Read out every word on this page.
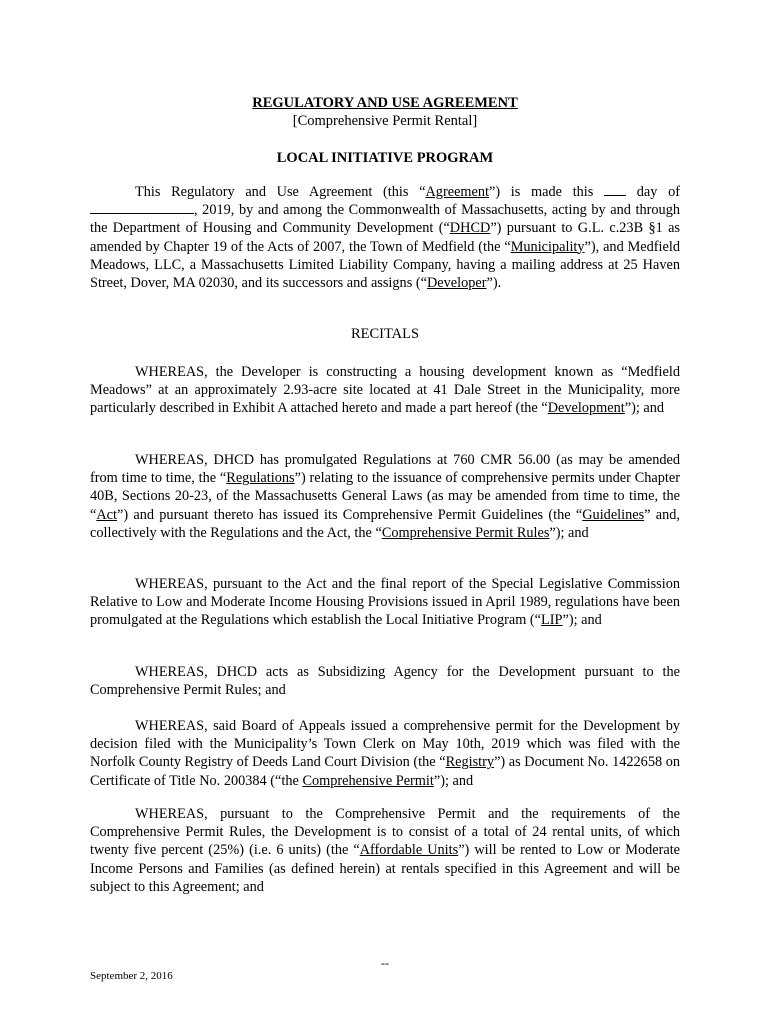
REGULATORY AND USE AGREEMENT
[Comprehensive Permit Rental]
LOCAL INITIATIVE PROGRAM

This Regulatory and Use Agreement (this “Agreement”) is made this  day of , 2019, by and among the Commonwealth of Massachusetts, acting by and through the Department of Housing and Community Development (“DHCD”) pursuant to G.L. c.23B §1 as amended by Chapter 19 of the Acts of 2007, the Town of Medfield (the “Municipality”), and Medfield Meadows, LLC, a Massachusetts Limited Liability Company, having a mailing address at 25 Haven Street, Dover, MA 02030, and its successors and assigns (“Developer”).

RECITALS

WHEREAS, the Developer is constructing a housing development known as “Medfield Meadows” at an approximately 2.93-acre site located at 41 Dale Street in the Municipality, more particularly described in Exhibit A attached hereto and made a part hereof (the “Development”); and

WHEREAS, DHCD has promulgated Regulations at 760 CMR 56.00 (as may be amended from time to time, the “Regulations”) relating to the issuance of comprehensive permits under Chapter 40B, Sections 20-23, of the Massachusetts General Laws (as may be amended from time to time, the “Act”) and pursuant thereto has issued its Comprehensive Permit Guidelines (the “Guidelines” and, collectively with the Regulations and the Act, the “Comprehensive Permit Rules”); and

WHEREAS, pursuant to the Act and the final report of the Special Legislative Commission Relative to Low and Moderate Income Housing Provisions issued in April 1989, regulations have been promulgated at the Regulations which establish the Local Initiative Program (“LIP”); and

WHEREAS, DHCD acts as Subsidizing Agency for the Development pursuant to the Comprehensive Permit Rules; and

WHEREAS, said Board of Appeals issued a comprehensive permit for the Development by decision filed with the Municipality’s Town Clerk on May 10th, 2019 which was filed with the Norfolk County Registry of Deeds Land Court Division (the “Registry”) as Document No. 1422658 on Certificate of Title No. 200384 (“the Comprehensive Permit”); and

WHEREAS, pursuant to the Comprehensive Permit and the requirements of the Comprehensive Permit Rules, the Development is to consist of a total of 24 rental units, of which twenty five percent (25%) (i.e. 6 units) (the “Affordable Units”) will be rented to Low or Moderate Income Persons and Families (as defined herein) at rentals specified in this Agreement and will be subject to this Agreement; and

--
September 2, 2016
